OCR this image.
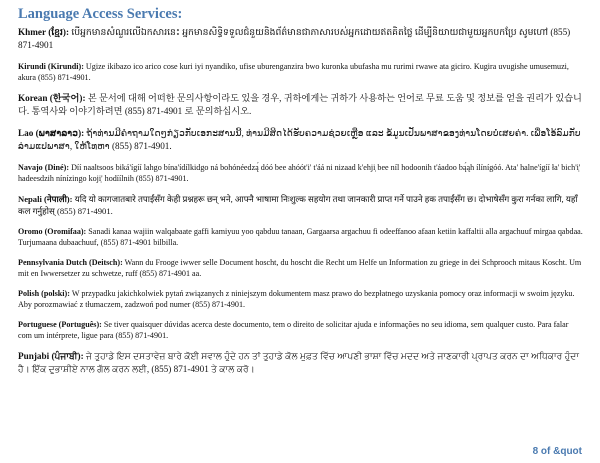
Language Access Services:
Khmer (ខ្មែរ): បើអ្នកមានសំណួរលើឯកសារនេះ អ្នកមានសិទ្ធិទទួលជំនួយនិងព័ត៌មានជាភាសារបស់អ្នកដោយឥតគិតថ្លៃ ដើម្បីនិយាយជាមួយអ្នកបកប្រែ សូមហៅ (855) 871-4901
Kirundi (Kirundi): Ugize ikibazo ico arico cose kuri iyi nyandiko, ufise uburenganzira bwo kuronka ubufasha mu rurimi rwawe ata giciro. Kugira uvugishe umusemuzi, akura (855) 871-4901.
Korean (한국어): 본 문서에 대해 어떠한 문의사항이라도 있을 경우, 귀하에게는 귀하가 사용하는 언어로 무료 도움 및 정보를 얻을 권리가 있습니다. 통역사와 이야기하려면 (855) 871-4901 로 문의하십시오.
Lao (ພາສາລາວ): ຖ້າທ່ານມີຄຳຖາມໃດໆກ່ຽວກັບເອກະສານນີ້, ທ່ານມີສິດໄດ້ຮັບຄວາມຊ່ວຍເຫຼືອ ແລະ ຂໍ້ມູນເປັນພາສາຂອງທ່ານໂດຍບໍ່ເສຍຄ່າ. ເພື່ອໂອ້ລົມກັບລ່າມແປພາສາ, ໃຫ້ໂທຫາ (855) 871-4901.
Navajo (Diné): Díí naaltsoos biká'ígíí lahgo bína'ídílkidgo ná bohónéedzą́ dóó bee ahóót'i' t'áá ni nizaad k'ehji̜ bee níl hodoonih t'áadoo bą́ąh ílínígóó. Ata' halne'ígíí ła' bich'i̜' hadeesdzih nínízingo koji̜' hodíílnih (855) 871-4901.
Nepali (नेपाली): यदि यो कागजातबारे तपाईंसँग केही प्रश्नहरू छन् भने, आफ्नै भाषामा निःशुल्क सहयोग तथा जानकारी प्राप्त गर्ने पाउने हक तपाईंसँग छ। दोभाषेसँग कुरा गर्नका लागि, यहाँ कल गर्नुहोस् (855) 871-4901.
Oromo (Oromifaa): Sanadi kanaa wajiin walqabaate gaffi kamiyuu yoo qabduu tanaan, Gargaarsa argachuu fi odeeffanoo afaan ketiin kaffaltii alla argachuuf mirgaa qabdaa. Turjumaana dubaachuuf, (855) 871-4901 bilbilla.
Pennsylvania Dutch (Deitsch): Wann du Frooge iwwer selle Document hoscht, du hoscht die Recht um Helfe un Information zu griege in dei Schprooch mitaus Koscht. Um mit en Iwwersetzer zu schwetze, ruff (855) 871-4901 aa.
Polish (polski): W przypadku jakichkolwiek pytań związanych z niniejszym dokumentem masz prawo do bezpłatnego uzyskania pomocy oraz informacji w swoim języku. Aby porozmawiać z tłumaczem, zadzwoń pod numer (855) 871-4901.
Portuguese (Português): Se tiver quaisquer dúvidas acerca deste documento, tem o direito de solicitar ajuda e informações no seu idioma, sem qualquer custo. Para falar com um intérprete, ligue para (855) 871-4901.
Punjabi (ਪੰਜਾਬੀ): ਜੇ ਤੁਹਾਡੇ ਇਸ ਦਸਤਾਵੇਜ਼ ਬਾਰੇ ਕੋਈ ਸਵਾਲ ਹੁੰਦੇ ਹਨ ਤਾਂ ਤੁਹਾਡੇ ਕੋਲ ਮੁਫ਼ਤ ਵਿੱਚ ਆਪਣੀ ਭਾਸ਼ਾ ਵਿੱਚ ਮਦਦ ਅਤੇ ਜਾਣਕਾਰੀ ਪ੍ਰਾਪਤ ਕਰਨ ਦਾ ਅਧਿਕਾਰ ਹੁੰਦਾ ਹੈ। ਇੱਕ ਦੁਭਾਸ਼ੀਏ ਨਾਲ ਗੱਲ ਕਰਨ ਲਈ, (855) 871-4901 ਤੇ ਕਾਲ ਕਰੋ।
8 of &quot
